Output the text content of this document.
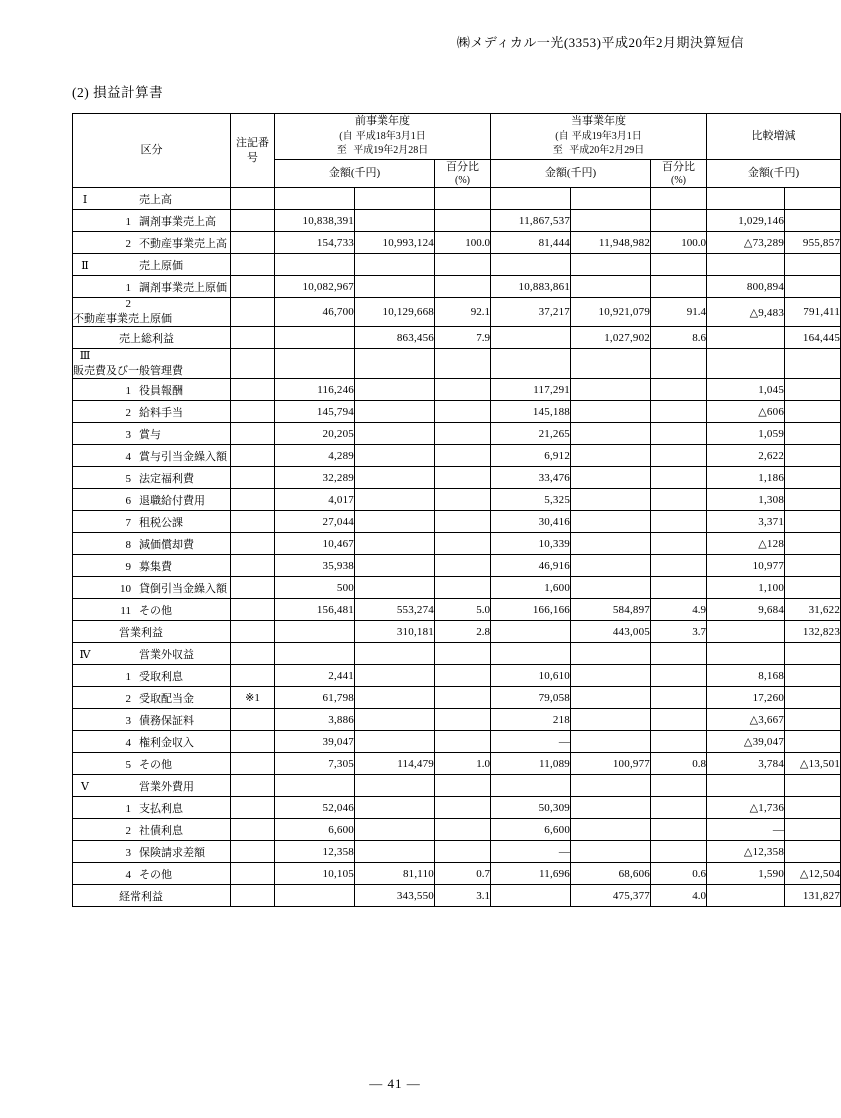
㈱メディカル一光(3353)平成20年2月期決算短信
(2) 損益計算書
区分	注記番号	前事業年度
(自 平成18年3月1日
至 平成19年2月28日			当事業年度
(自 平成19年3月1日
至 平成20年2月29日			比較増減	
		金額(千円)		百分比
(%)	金額(千円)		百分比
(%)	金額(千円)	
Ⅰ 売上高									
1 調剤事業売上高		10,838,391			11,867,537			1,029,146	
2 不動産事業売上高		154,733	10,993,124	100.0	81,444	11,948,982	100.0	△73,289	955,857
Ⅱ 売上原価									
1 調剤事業売上原価		10,082,967			10,883,861			800,894	
2不動産事業売上原価		46,700	10,129,668	92.1	37,217	10,921,079	91.4	△9,483	791,411
売上総利益			863,456	7.9		1,027,902	8.6		164,445
Ⅲ販売費及び一般管理費									
1 役員報酬		116,246			117,291			1,045	
2 給料手当		145,794			145,188			△606	
3 賞与		20,205			21,265			1,059	
4 賞与引当金繰入額		4,289			6,912			2,622	
5 法定福利費		32,289			33,476			1,186	
6 退職給付費用		4,017			5,325			1,308	
7 租税公課		27,044			30,416			3,371	
8 減価償却費		10,467			10,339			△128	
9 募集費		35,938			46,916			10,977	
10 貸倒引当金繰入額		500			1,600			1,100	
11 その他		156,481	553,274	5.0	166,166	584,897	4.9	9,684	31,622
営業利益			310,181	2.8		443,005	3.7		132,823
Ⅳ 営業外収益									
1 受取利息		2,441			10,610			8,168	
2 受取配当金	※1	61,798			79,058			17,260	
3 債務保証料		3,886			218			△3,667	
4 権利金収入		39,047			—			△39,047	
5 その他		7,305	114,479	1.0	11,089	100,977	0.8	3,784	△13,501
Ⅴ 営業外費用									
1 支払利息		52,046			50,309			△1,736	
2 社債利息		6,600			6,600			—	
3 保険請求差額		12,358			—			△12,358	
4 その他		10,105	81,110	0.7	11,696	68,606	0.6	1,590	△12,504
経常利益			343,550	3.1		475,377	4.0		131,827
— 41 —
